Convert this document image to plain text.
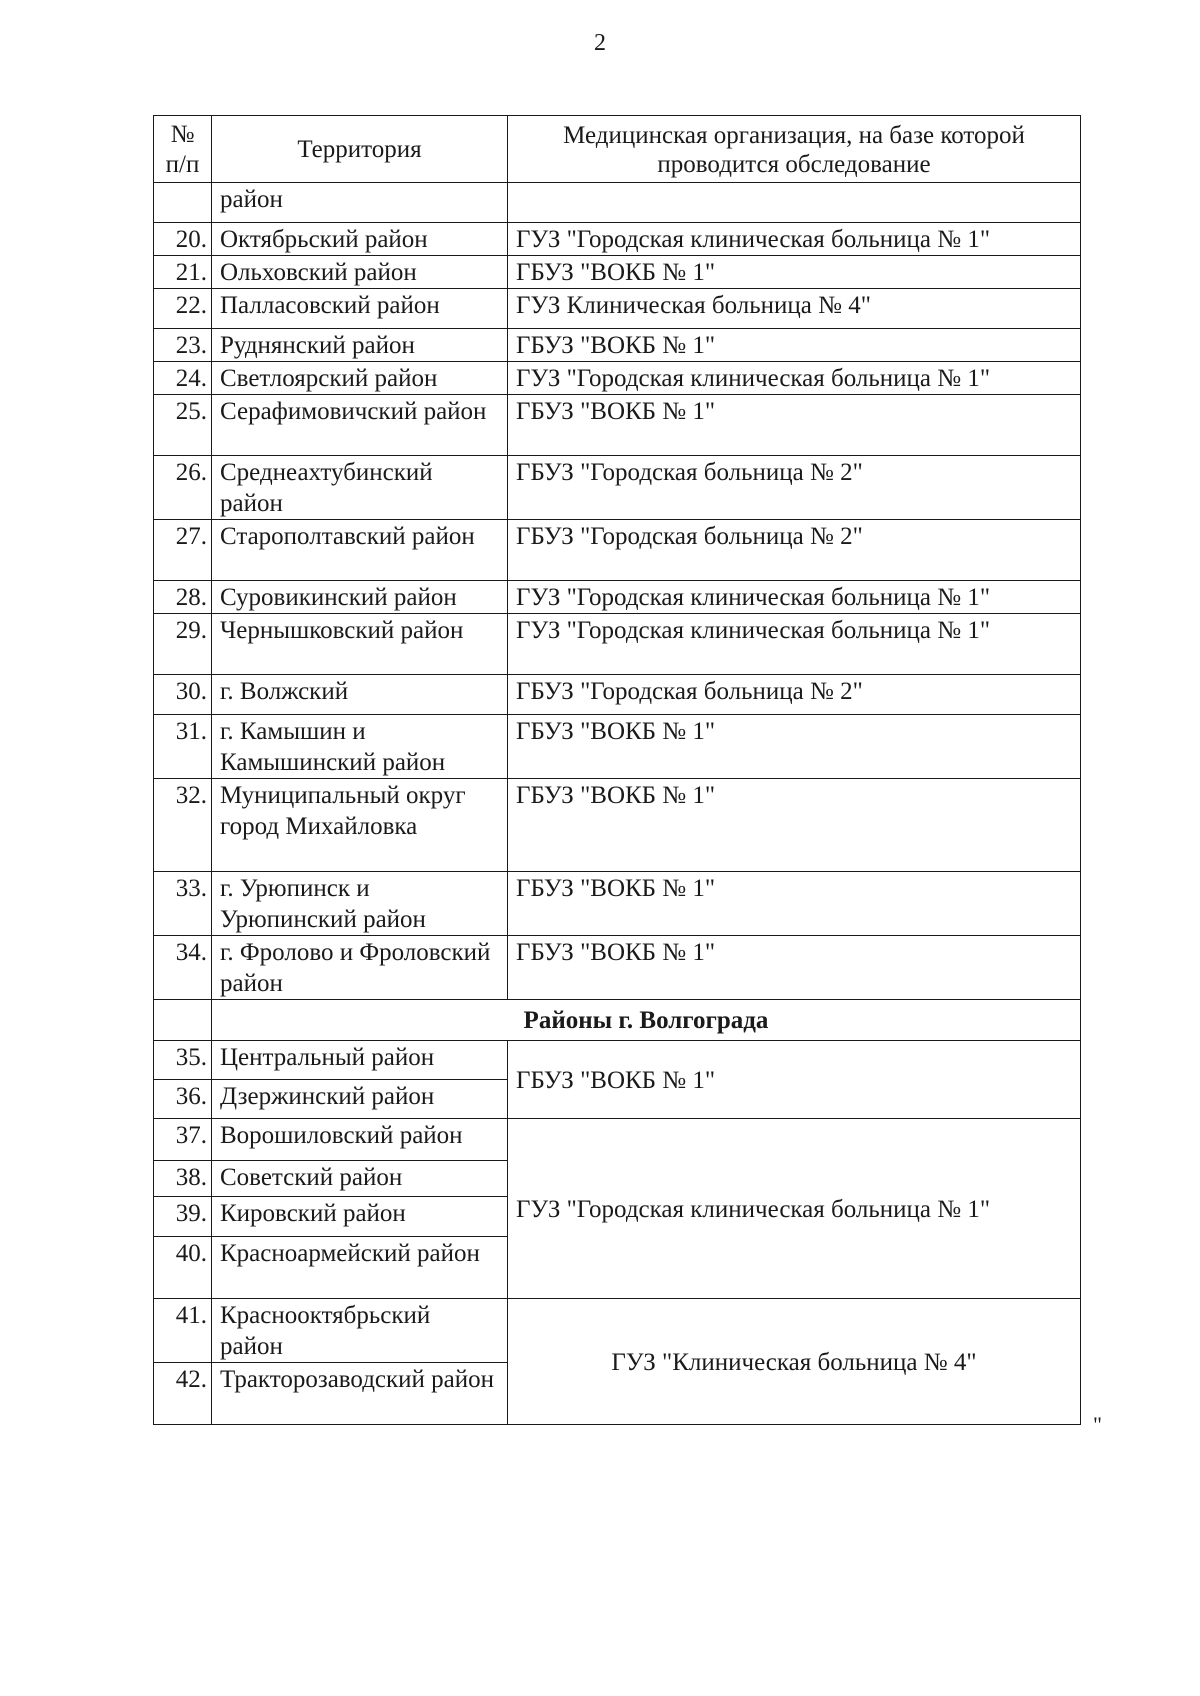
2
№
п/п	Территория	Медицинская организация, на базе которой проводится обследование
	район	
20.	Октябрьский район	ГУЗ "Городская клиническая больница № 1"
21.	Ольховский район	ГБУЗ "ВОКБ № 1"
22.	Палласовский район	ГУЗ Клиническая больница № 4"
23.	Руднянский район	ГБУЗ "ВОКБ № 1"
24.	Светлоярский район	ГУЗ "Городская клиническая больница № 1"
25.	Серафимовичский район	ГБУЗ "ВОКБ № 1"
26.	Среднеахтубинский район	ГБУЗ "Городская больница № 2"
27.	Старополтавский район	ГБУЗ "Городская больница № 2"
28.	Суровикинский район	ГУЗ "Городская клиническая больница № 1"
29.	Чернышковский район	ГУЗ "Городская клиническая больница № 1"
30.	г. Волжский	ГБУЗ "Городская больница № 2"
31.	г. Камышин и Камышинский район	ГБУЗ "ВОКБ № 1"
32.	Муниципальный округ город Михайловка	ГБУЗ "ВОКБ № 1"
33.	г. Урюпинск и Урюпинский район	ГБУЗ "ВОКБ № 1"
34.	г. Фролово и Фроловский район	ГБУЗ "ВОКБ № 1"
	Районы г. Волгограда	
35.	Центральный район	ГБУЗ "ВОКБ № 1"
36.	Дзержинский район	
37.	Ворошиловский район	ГУЗ "Городская клиническая больница № 1"
38.	Советский район	
39.	Кировский район	
40.	Красноармейский район	
41.	Краснооктябрьский район	ГУЗ "Клиническая больница № 4"
42.	Тракторозаводский район	
"
